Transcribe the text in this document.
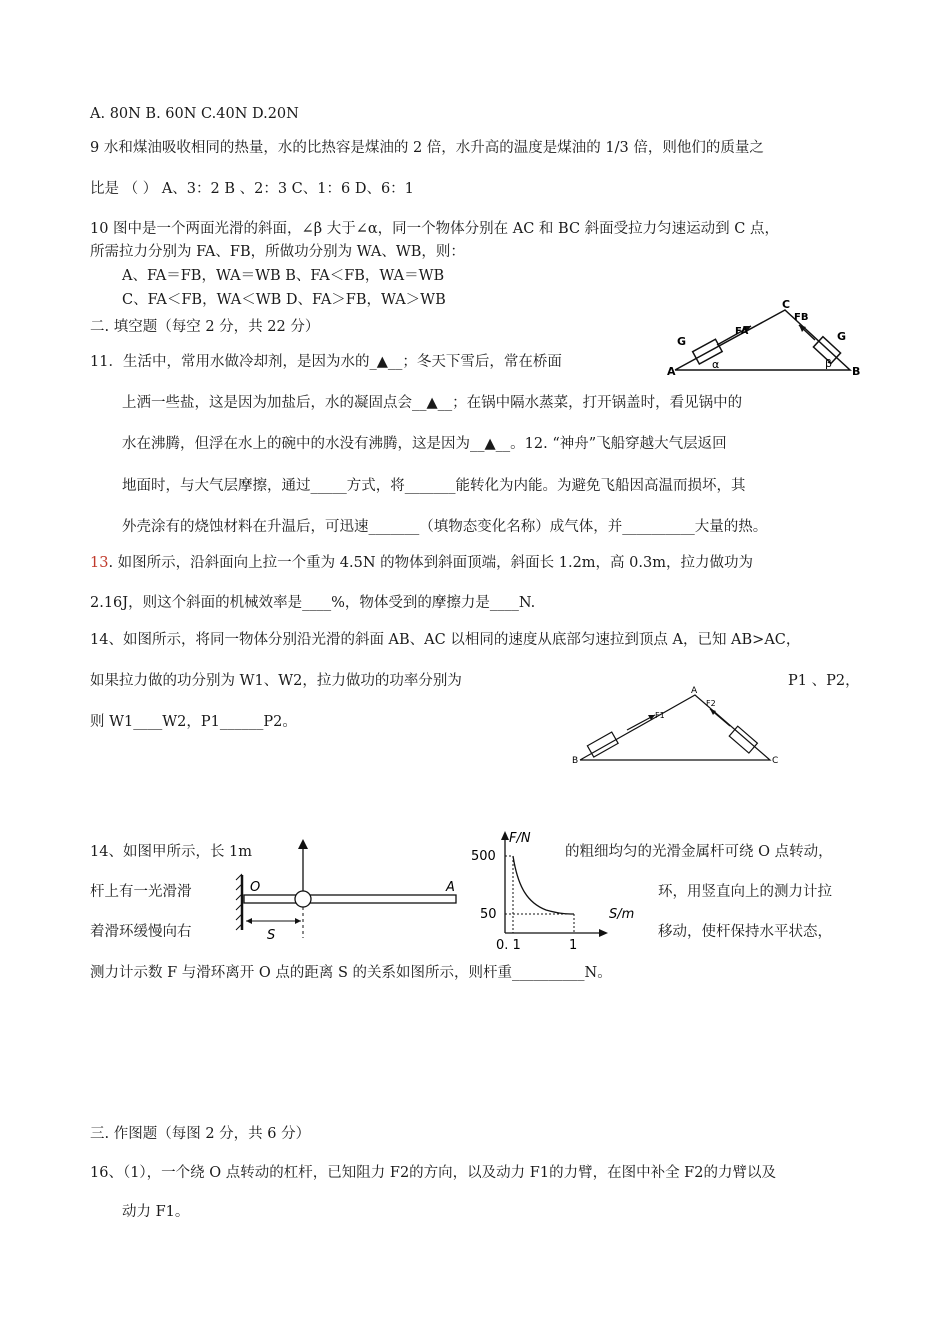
A. 80N B. 60N C.40N D.20N
9 水和煤油吸收相同的热量，水的比热容是煤油的 2 倍，水升高的温度是煤油的 1/3 倍，则他们的质量之
比是 （ ） A、3：2 B 、2：3 C、1：6 D、6：1
10 图中是一个两面光滑的斜面，∠β 大于∠α，同一个物体分别在 AC 和 BC 斜面受拉力匀速运动到 C 点，
所需拉力分别为 FA、FB，所做功分别为 WA、WB，则：
A、FA＝FB，WA＝WB B、FA＜FB，WA＝WB
C、FA＜FB，WA＜WB D、FA＞FB，WA＞WB
二. 填空题（每空 2 分，共 22 分）
11．生活中，常用水做冷却剂，是因为水的_▲__；冬天下雪后，常在桥面
上洒一些盐，这是因为加盐后，水的凝固点会__▲__；在锅中隔水蒸菜，打开锅盖时，看见锅中的
水在沸腾，但浮在水上的碗中的水没有沸腾，这是因为__▲__。12. “神舟”飞船穿越大气层返回
地面时，与大气层摩擦，通过_____方式，将_______能转化为内能。为避免飞船因高温而损坏，其
外壳涂有的烧蚀材料在升温后，可迅速_______（填物态变化名称）成气体，并__________大量的热。
13. 如图所示，沿斜面向上拉一个重为 4.5N 的物体到斜面顶端，斜面长 1.2m，高 0.3m，拉力做功为
2.16J，则这个斜面的机械效率是____%，物体受到的摩擦力是____N.
14、如图所示，将同一物体分别沿光滑的斜面 AB、AC 以相同的速度从底部匀速拉到顶点 A，已知 AB>AC，
如果拉力做的功分别为 W1、W2，拉力做功的功率分别为	P1 、P2，
则 W1____W2，P1______P2。
14、如图甲所示，长 1m	的粗细均匀的光滑金属杆可绕 O 点转动，
杆上有一光滑滑	环，用竖直向上的测力计拉
着滑环缓慢向右	移动，使杆保持水平状态，
测力计示数 F 与滑环离开 O 点的距离 S 的关系如图所示，则杆重__________N。
三. 作图题（每图 2 分，共 6 分）
16、（1），一个绕 O 点转动的杠杆，已知阻力 F2的方向，以及动力 F1的力臂，在图中补全 F2的力臂以及
动力 F1。
A	B
C
FA
FB
G	G
α	β
A
B	C
F1
F2
O	A
S
F/N
S/m
500
50
0. 1	1
